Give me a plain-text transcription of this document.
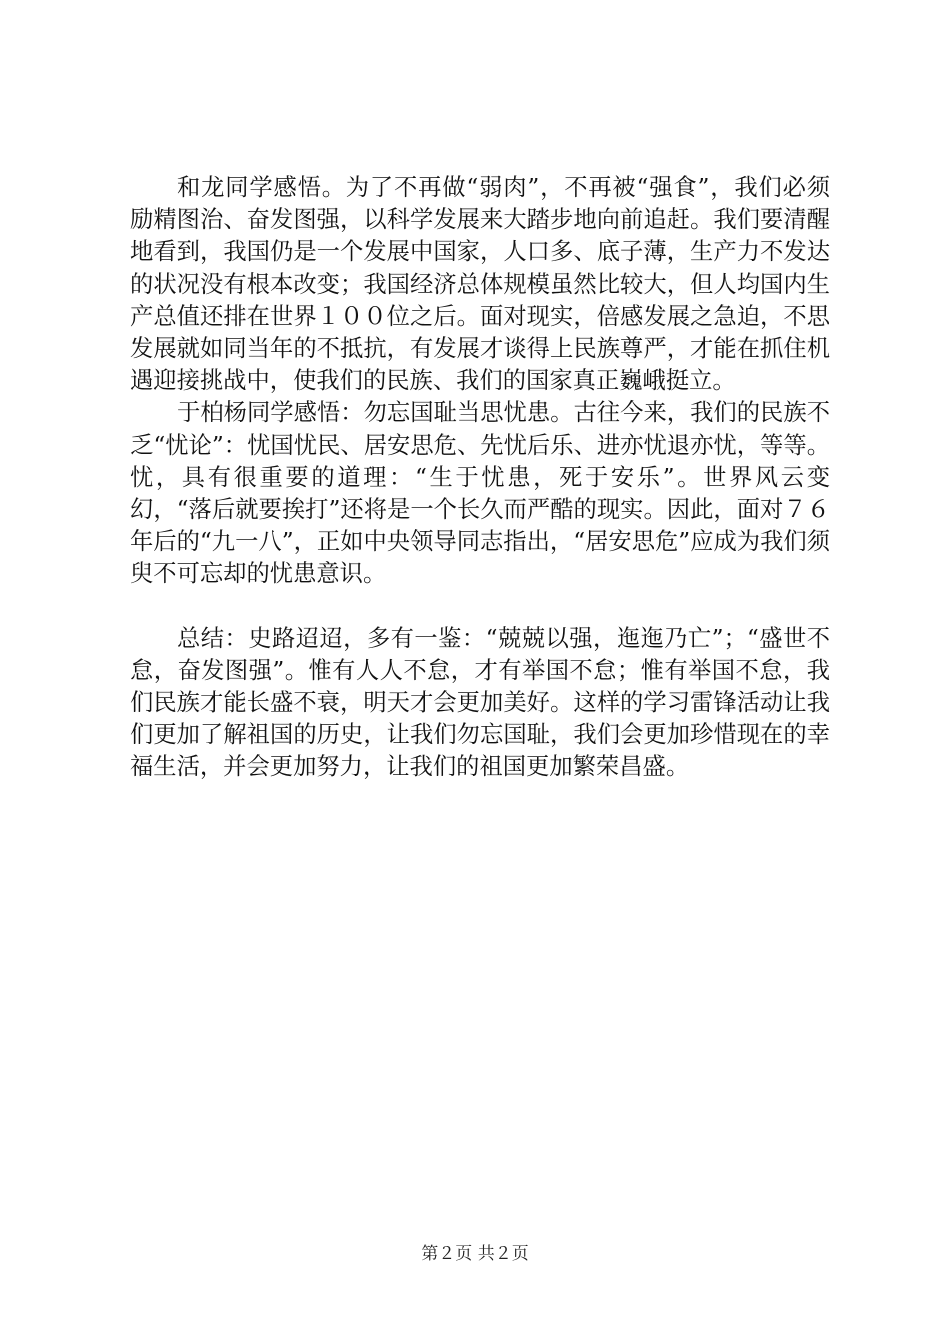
和龙同学感悟。为了不再做“弱肉”，不再被“强食”，我们必须励精图治、奋发图强，以科学发展来大踏步地向前追赶。我们要清醒地看到，我国仍是一个发展中国家，人口多、底子薄，生产力不发达的状况没有根本改变；我国经济总体规模虽然比较大，但人均国内生产总值还排在世界１００位之后。面对现实，倍感发展之急迫，不思发展就如同当年的不抵抗，有发展才谈得上民族尊严，才能在抓住机遇迎接挑战中，使我们的民族、我们的国家真正巍峨挺立。

于柏杨同学感悟：勿忘国耻当思忧患。古往今来，我们的民族不乏“忧论”：忧国忧民、居安思危、先忧后乐、进亦忧退亦忧，等等。忧，具有很重要的道理：“生于忧患，死于安乐”。世界风云变幻，“落后就要挨打”还将是一个长久而严酷的现实。因此，面对７６年后的“九一八”，正如中央领导同志指出，“居安思危”应成为我们须臾不可忘却的忧患意识。

总结：史路迢迢，多有一鉴：“兢兢以强，迤迤乃亡”；“盛世不怠，奋发图强”。惟有人人不怠，才有举国不怠；惟有举国不怠，我们民族才能长盛不衰，明天才会更加美好。这样的学习雷锋活动让我们更加了解祖国的历史，让我们勿忘国耻，我们会更加珍惜现在的幸福生活，并会更加努力，让我们的祖国更加繁荣昌盛。

第２页 共２页
